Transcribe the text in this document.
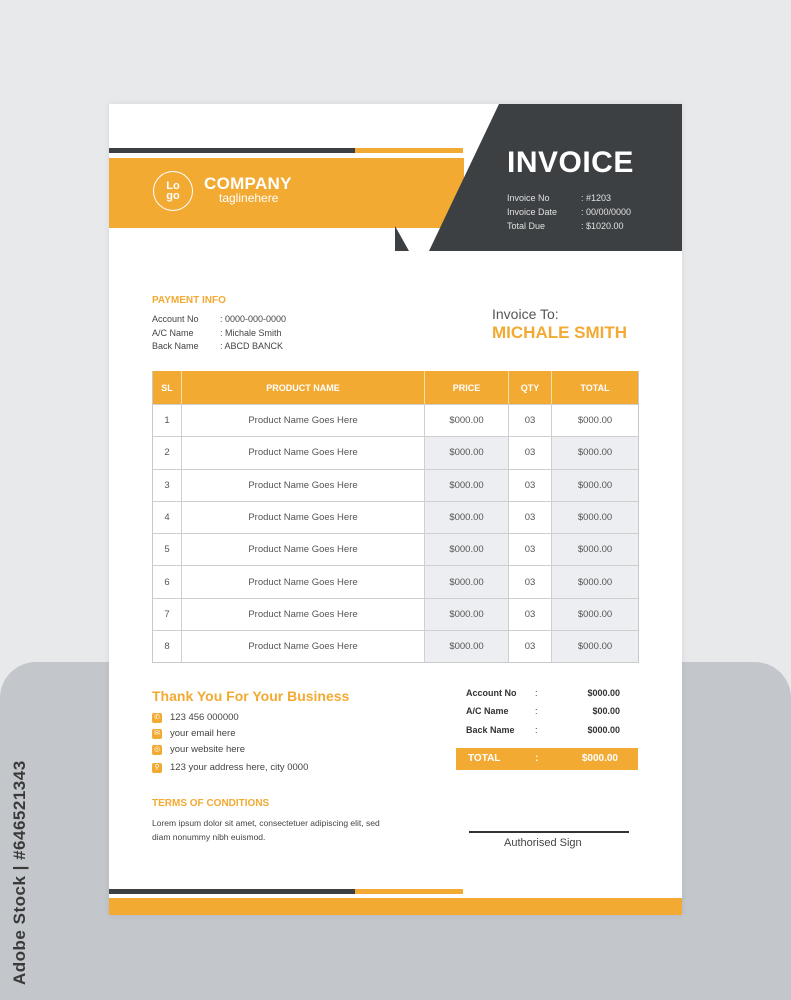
Adobe Stock | #646521343
Lo
go
COMPANY
taglinehere
INVOICE
Invoice No	: #1203
Invoice Date	: 00/00/0000
Total Due	: $1020.00
PAYMENT INFO
Account No : 0000-000-0000
A/C Name	: Michale Smith
Back Name : ABCD BANCK
Invoice To:
MICHALE SMITH
SL	PRODUCT NAME	PRICE	QTY	TOTAL
1	Product Name Goes Here	$000.00	03	$000.00
2	Product Name Goes Here	$000.00	03	$000.00
3	Product Name Goes Here	$000.00	03	$000.00
4	Product Name Goes Here	$000.00	03	$000.00
5	Product Name Goes Here	$000.00	03	$000.00
6	Product Name Goes Here	$000.00	03	$000.00
7	Product Name Goes Here	$000.00	03	$000.00
8	Product Name Goes Here	$000.00	03	$000.00
Thank You For Your Business
✆ 123 456 000000
✉ your email here
◎ your website here
⚲ 123 your address here, city 0000
TERMS OF CONDITIONS
Lorem ipsum dolor sit amet, consectetuer adipiscing elit, sed diam nonummy nibh euismod.
Account No :	$000.00
A/C Name	:	$00.00
Back Name :	$000.00
TOTAL	:	$000.00
Authorised Sign
